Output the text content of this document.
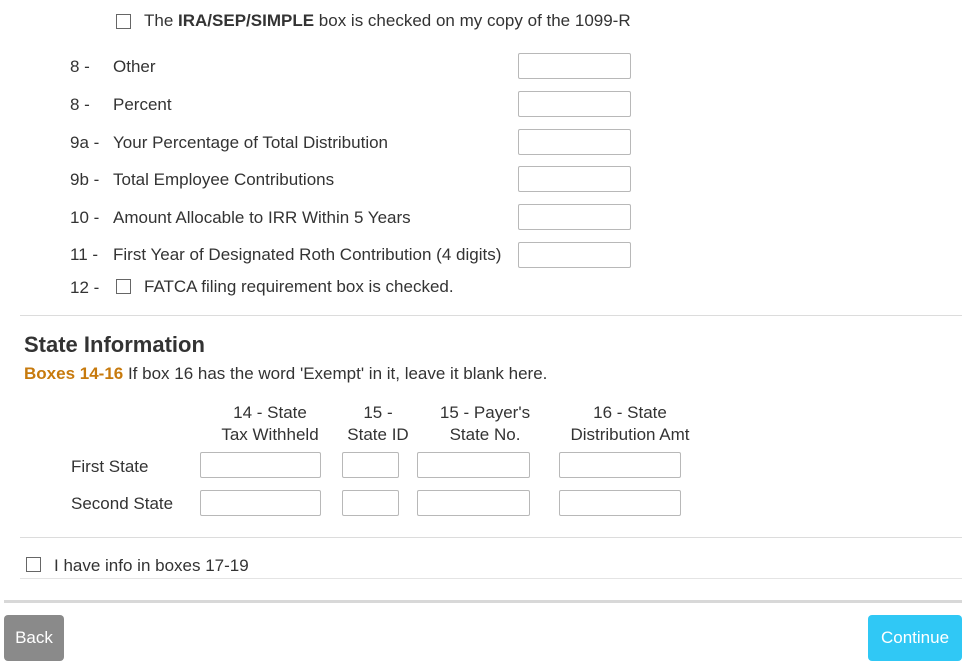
The IRA/SEP/SIMPLE box is checked on my copy of the 1099-R
8 - Other
8 - Percent
9a - Your Percentage of Total Distribution
9b - Total Employee Contributions
10 - Amount Allocable to IRR Within 5 Years
11 - First Year of Designated Roth Contribution (4 digits)
12 -	FATCA filing requirement box is checked.
State Information
Boxes 14-16 If box 16 has the word 'Exempt' in it, leave it blank here.
14 - State
Tax Withheld
15 -
State ID
15 - Payer's
State No.
16 - State
Distribution Amt
First State
Second State
I have info in boxes 17-19
Back	Continue
